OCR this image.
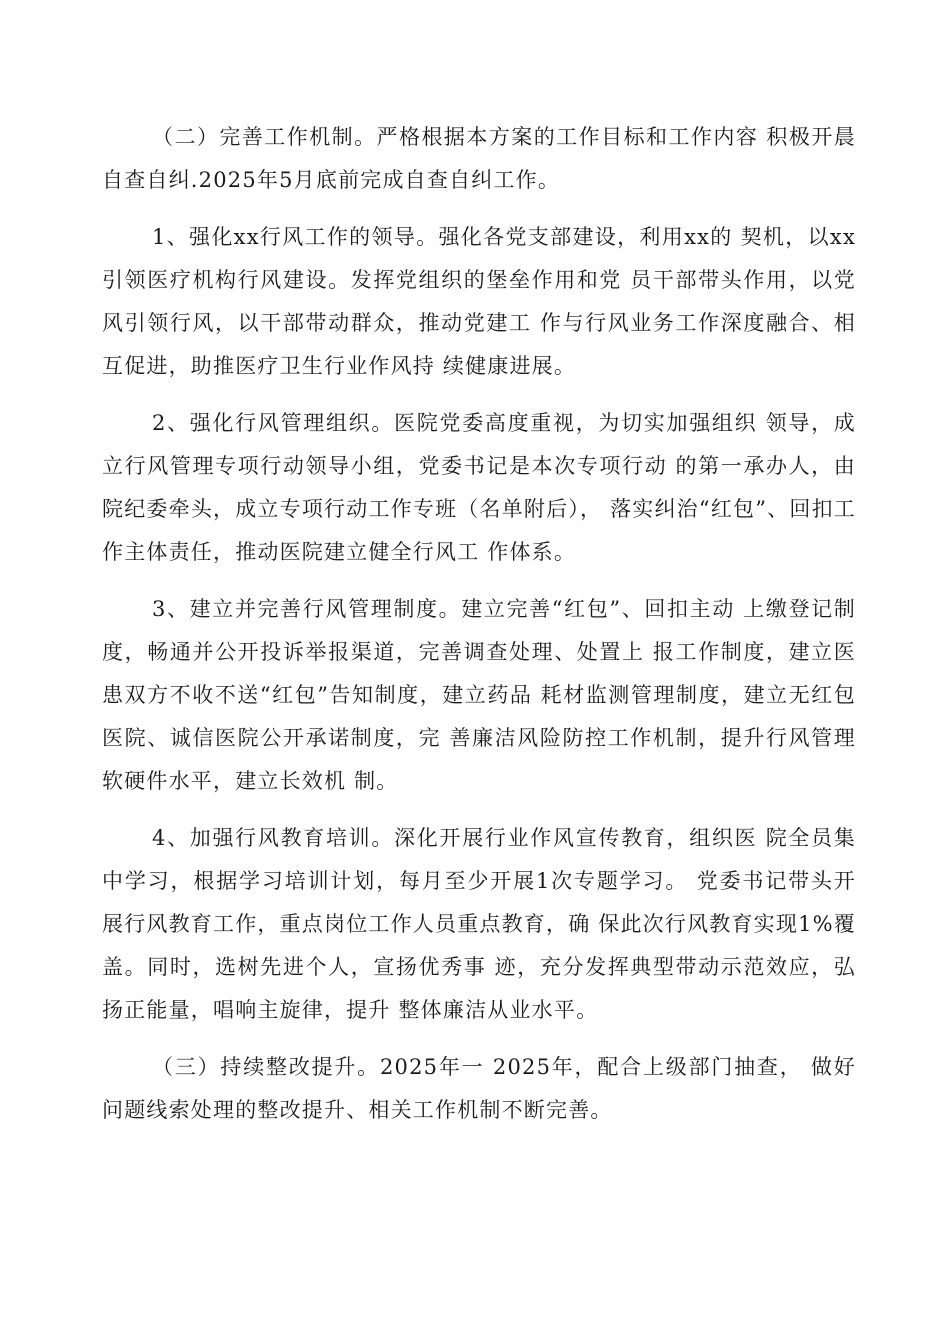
（二）完善工作机制。严格根据本方案的工作目标和工作内容 积极开晨自查自纠.2025年5月底前完成自查自纠工作。

1、强化xx行风工作的领导。强化各党支部建设，利用xx的 契机，以xx引领医疗机构行风建设。发挥党组织的堡垒作用和党 员干部带头作用，以党风引领行风，以干部带动群众，推动党建工 作与行风业务工作深度融合、相互促进，助推医疗卫生行业作风持 续健康进展。

2、强化行风管理组织。医院党委高度重视，为切实加强组织 领导，成立行风管理专项行动领导小组，党委书记是本次专项行动 的第一承办人，由院纪委牵头，成立专项行动工作专班（名单附后）， 落实纠治“红包”、回扣工作主体责任，推动医院建立健全行风工 作体系。

3、建立并完善行风管理制度。建立完善“红包”、回扣主动 上缴登记制度，畅通并公开投诉举报渠道，完善调查处理、处置上 报工作制度，建立医患双方不收不送“红包”告知制度，建立药品 耗材监测管理制度，建立无红包医院、诚信医院公开承诺制度，完 善廉洁风险防控工作机制，提升行风管理软硬件水平，建立长效机 制。

4、加强行风教育培训。深化开展行业作风宣传教育，组织医 院全员集中学习，根据学习培训计划，每月至少开展1次专题学习。 党委书记带头开展行风教育工作，重点岗位工作人员重点教育，确 保此次行风教育实现1%覆盖。同时，选树先进个人，宣扬优秀事 迹，充分发挥典型带动示范效应，弘扬正能量，唱响主旋律，提升 整体廉洁从业水平。

（三）持续整改提升。2025年一 2025年，配合上级部门抽查， 做好问题线索处理的整改提升、相关工作机制不断完善。
